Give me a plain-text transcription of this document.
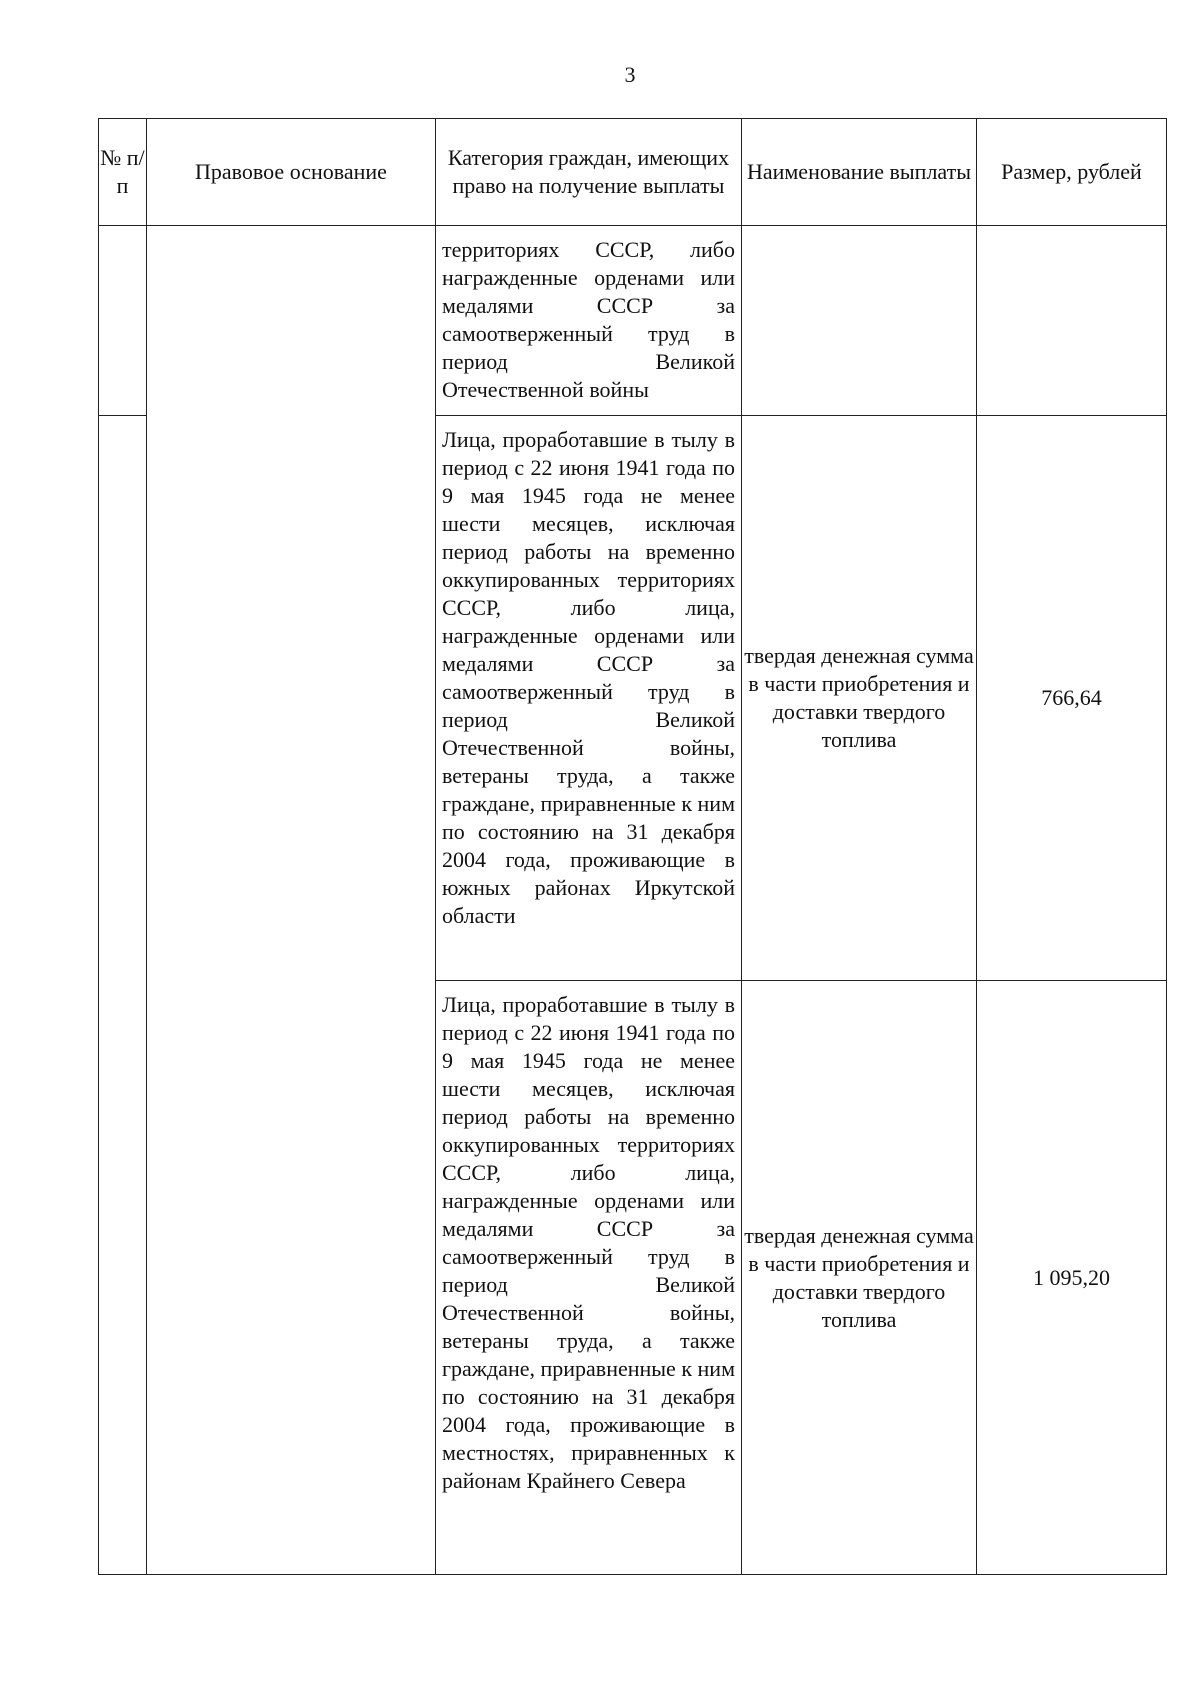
3
№ п/п	Правовое основание	Категория граждан, имеющих право на получение выплаты	Наименование выплаты	Размер, рублей
		территориях СССР, либо награжденные орденами или медалями СССР за самоотверженный труд в период Великой Отечественной войны		
		Лица, проработавшие в тылу в период с 22 июня 1941 года по 9 мая 1945 года не менее шести месяцев, исключая период работы на временно оккупированных территориях СССР, либо лица, награжденные орденами или медалями СССР за самоотверженный труд в период Великой Отечественной войны, ветераны труда, а также граждане, приравненные к ним по состоянию на 31 декабря 2004 года, проживающие в южных районах Иркутской области	твердая денежная сумма в части приобретения и доставки твердого топлива	766,64
		Лица, проработавшие в тылу в период с 22 июня 1941 года по 9 мая 1945 года не менее шести месяцев, исключая период работы на временно оккупированных территориях СССР, либо лица, награжденные орденами или медалями СССР за самоотверженный труд в период Великой Отечественной войны, ветераны труда, а также граждане, приравненные к ним по состоянию на 31 декабря 2004 года, проживающие в местностях, приравненных к районам Крайнего Севера	твердая денежная сумма в части приобретения и доставки твердого топлива	1 095,20
